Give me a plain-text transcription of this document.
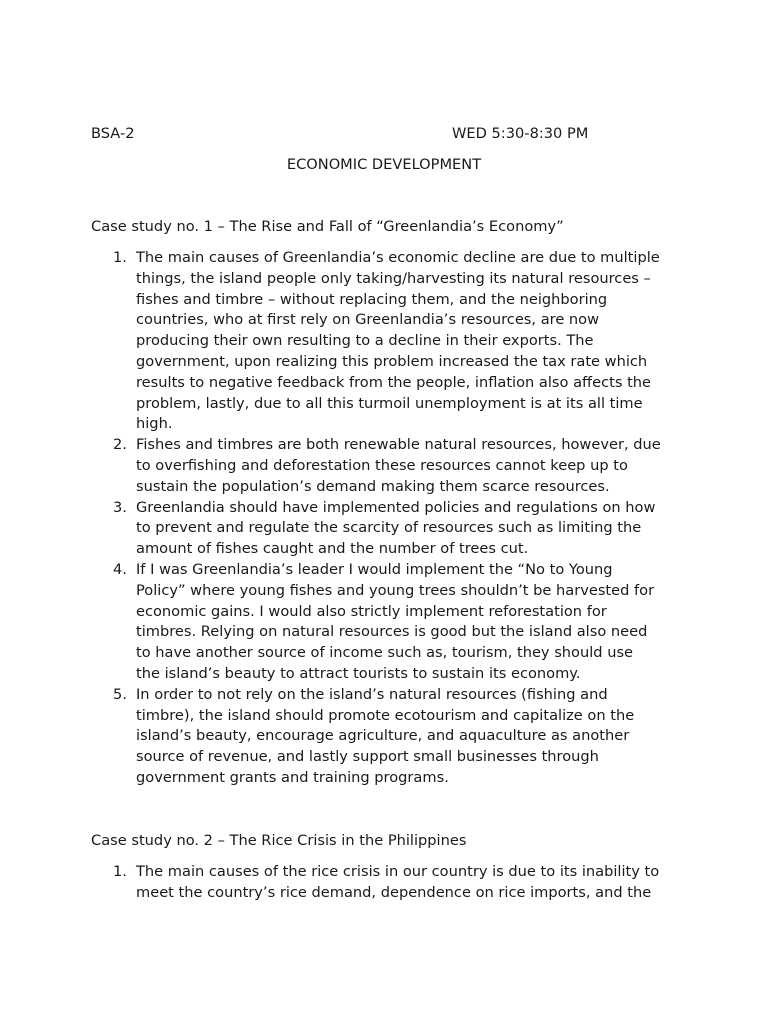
BSA-2	WED 5:30-8:30 PM
ECONOMIC DEVELOPMENT
Case study no. 1 – The Rise and Fall of “Greenlandia’s Economy”
1. The main causes of Greenlandia’s economic decline are due to multiple
things, the island people only taking/harvesting its natural resources –
fishes and timbre – without replacing them, and the neighboring
countries, who at first rely on Greenlandia’s resources, are now
producing their own resulting to a decline in their exports. The
government, upon realizing this problem increased the tax rate which
results to negative feedback from the people, inflation also affects the
problem, lastly, due to all this turmoil unemployment is at its all time
high.
2. Fishes and timbres are both renewable natural resources, however, due
to overfishing and deforestation these resources cannot keep up to
sustain the population’s demand making them scarce resources.
3. Greenlandia should have implemented policies and regulations on how
to prevent and regulate the scarcity of resources such as limiting the
amount of fishes caught and the number of trees cut.
4. If I was Greenlandia’s leader I would implement the “No to Young
Policy” where young fishes and young trees shouldn’t be harvested for
economic gains. I would also strictly implement reforestation for
timbres. Relying on natural resources is good but the island also need
to have another source of income such as, tourism, they should use
the island’s beauty to attract tourists to sustain its economy.
5. In order to not rely on the island’s natural resources (fishing and
timbre), the island should promote ecotourism and capitalize on the
island’s beauty, encourage agriculture, and aquaculture as another
source of revenue, and lastly support small businesses through
government grants and training programs.
Case study no. 2 – The Rice Crisis in the Philippines
1. The main causes of the rice crisis in our country is due to its inability to
meet the country’s rice demand, dependence on rice imports, and the
